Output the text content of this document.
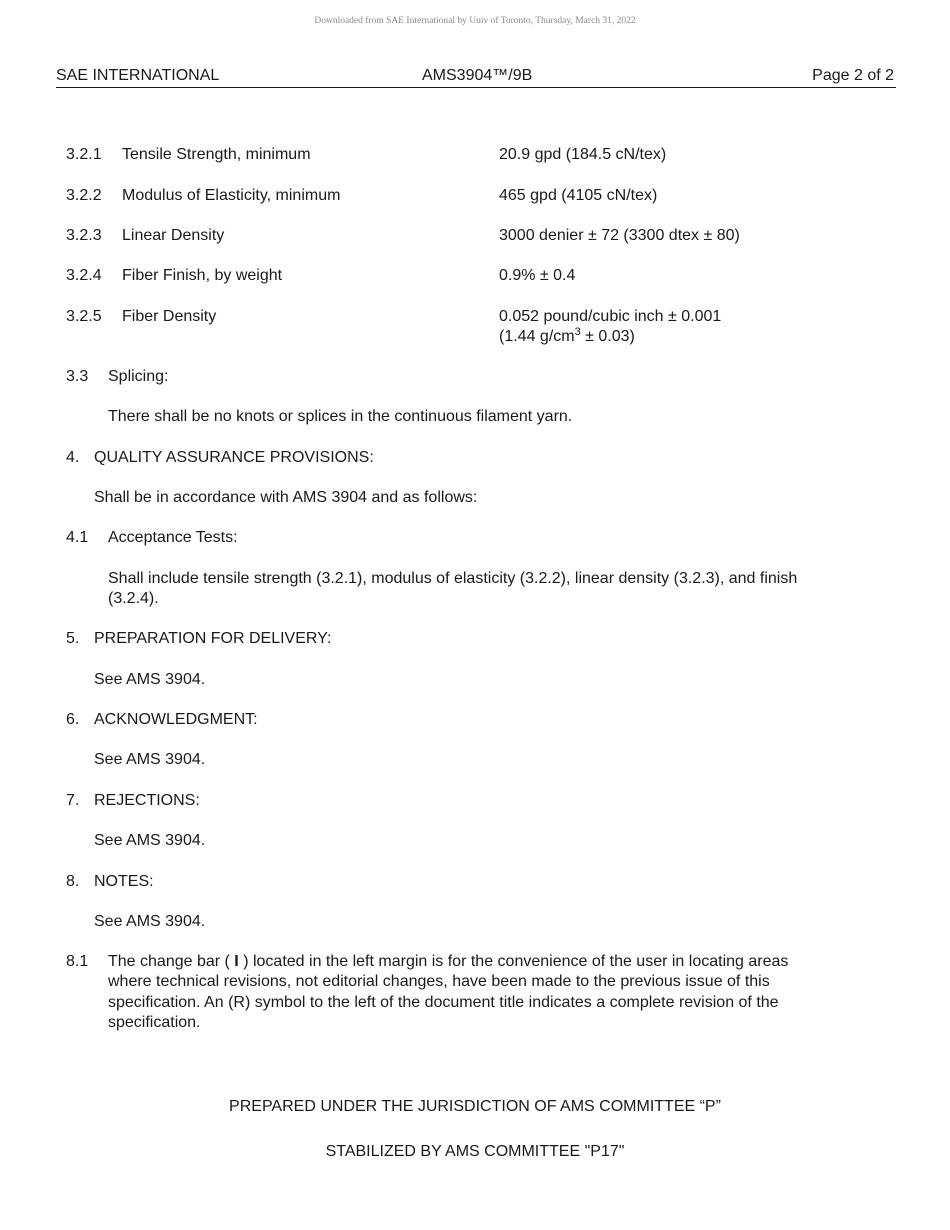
Downloaded from SAE International by Univ of Toronto, Thursday, March 31, 2022
SAE INTERNATIONAL	AMS3904™/9B	Page 2 of 2
3.2.1 Tensile Strength, minimum	20.9 gpd (184.5 cN/tex)
3.2.2 Modulus of Elasticity, minimum	465 gpd (4105 cN/tex)
3.2.3 Linear Density	3000 denier ± 72 (3300 dtex ± 80)
3.2.4 Fiber Finish, by weight	0.9% ± 0.4
3.2.5 Fiber Density	0.052 pound/cubic inch ± 0.001
(1.44 $g/cm^3 \pm 0.03$)
3.3 Splicing:
There shall be no knots or splices in the continuous filament yarn.
4. QUALITY ASSURANCE PROVISIONS:
Shall be in accordance with AMS 3904 and as follows:
4.1 Acceptance Tests:
Shall include tensile strength (3.2.1), modulus of elasticity (3.2.2), linear density (3.2.3), and finish
(3.2.4).
5. PREPARATION FOR DELIVERY:
See AMS 3904.
6. ACKNOWLEDGMENT:
See AMS 3904.
7. REJECTIONS:
See AMS 3904.
8. NOTES:
See AMS 3904.
8.1 The change bar ( I ) located in the left margin is for the convenience of the user in locating areas
where technical revisions, not editorial changes, have been made to the previous issue of this
specification. An (R) symbol to the left of the document title indicates a complete revision of the
specification.
PREPARED UNDER THE JURISDICTION OF AMS COMMITTEE “P”
STABILIZED BY AMS COMMITTEE "P17"
